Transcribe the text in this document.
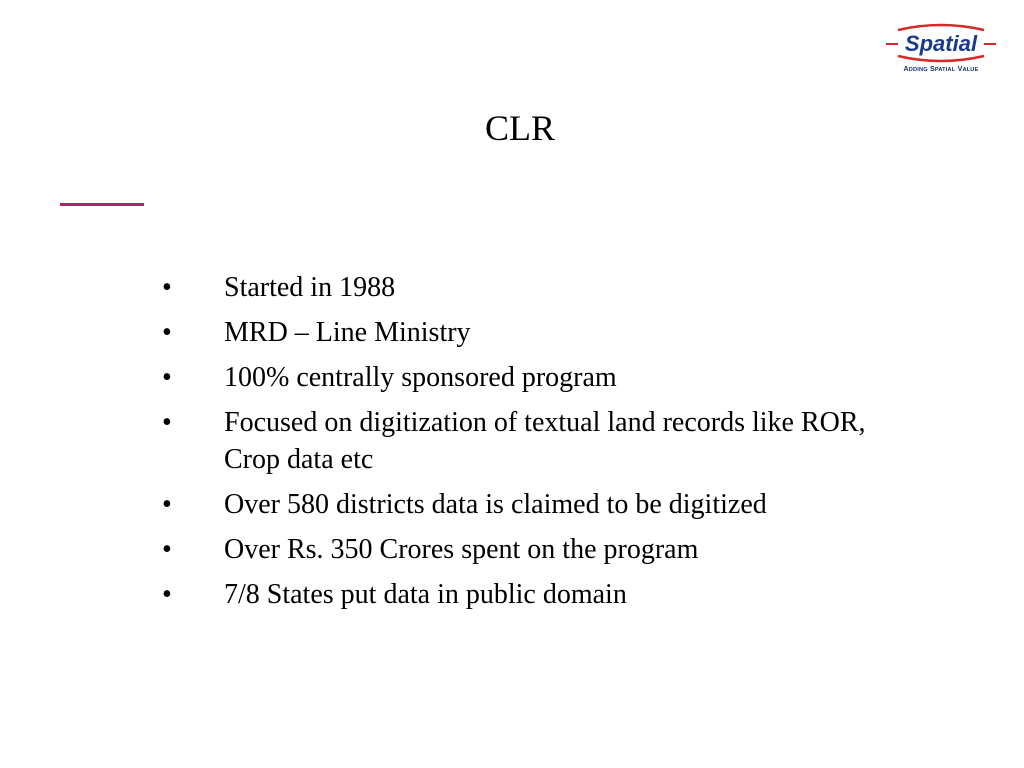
Spatial
ADDING SPATIAL VALUE
CLR
•	Started in 1988
•	MRD – Line Ministry
•	100% centrally sponsored program
•	Focused on digitization of textual land records like ROR, Crop data etc
•	Over 580 districts data is claimed to be digitized
•	Over Rs. 350 Crores spent on the program
•	7/8 States put data in public domain
